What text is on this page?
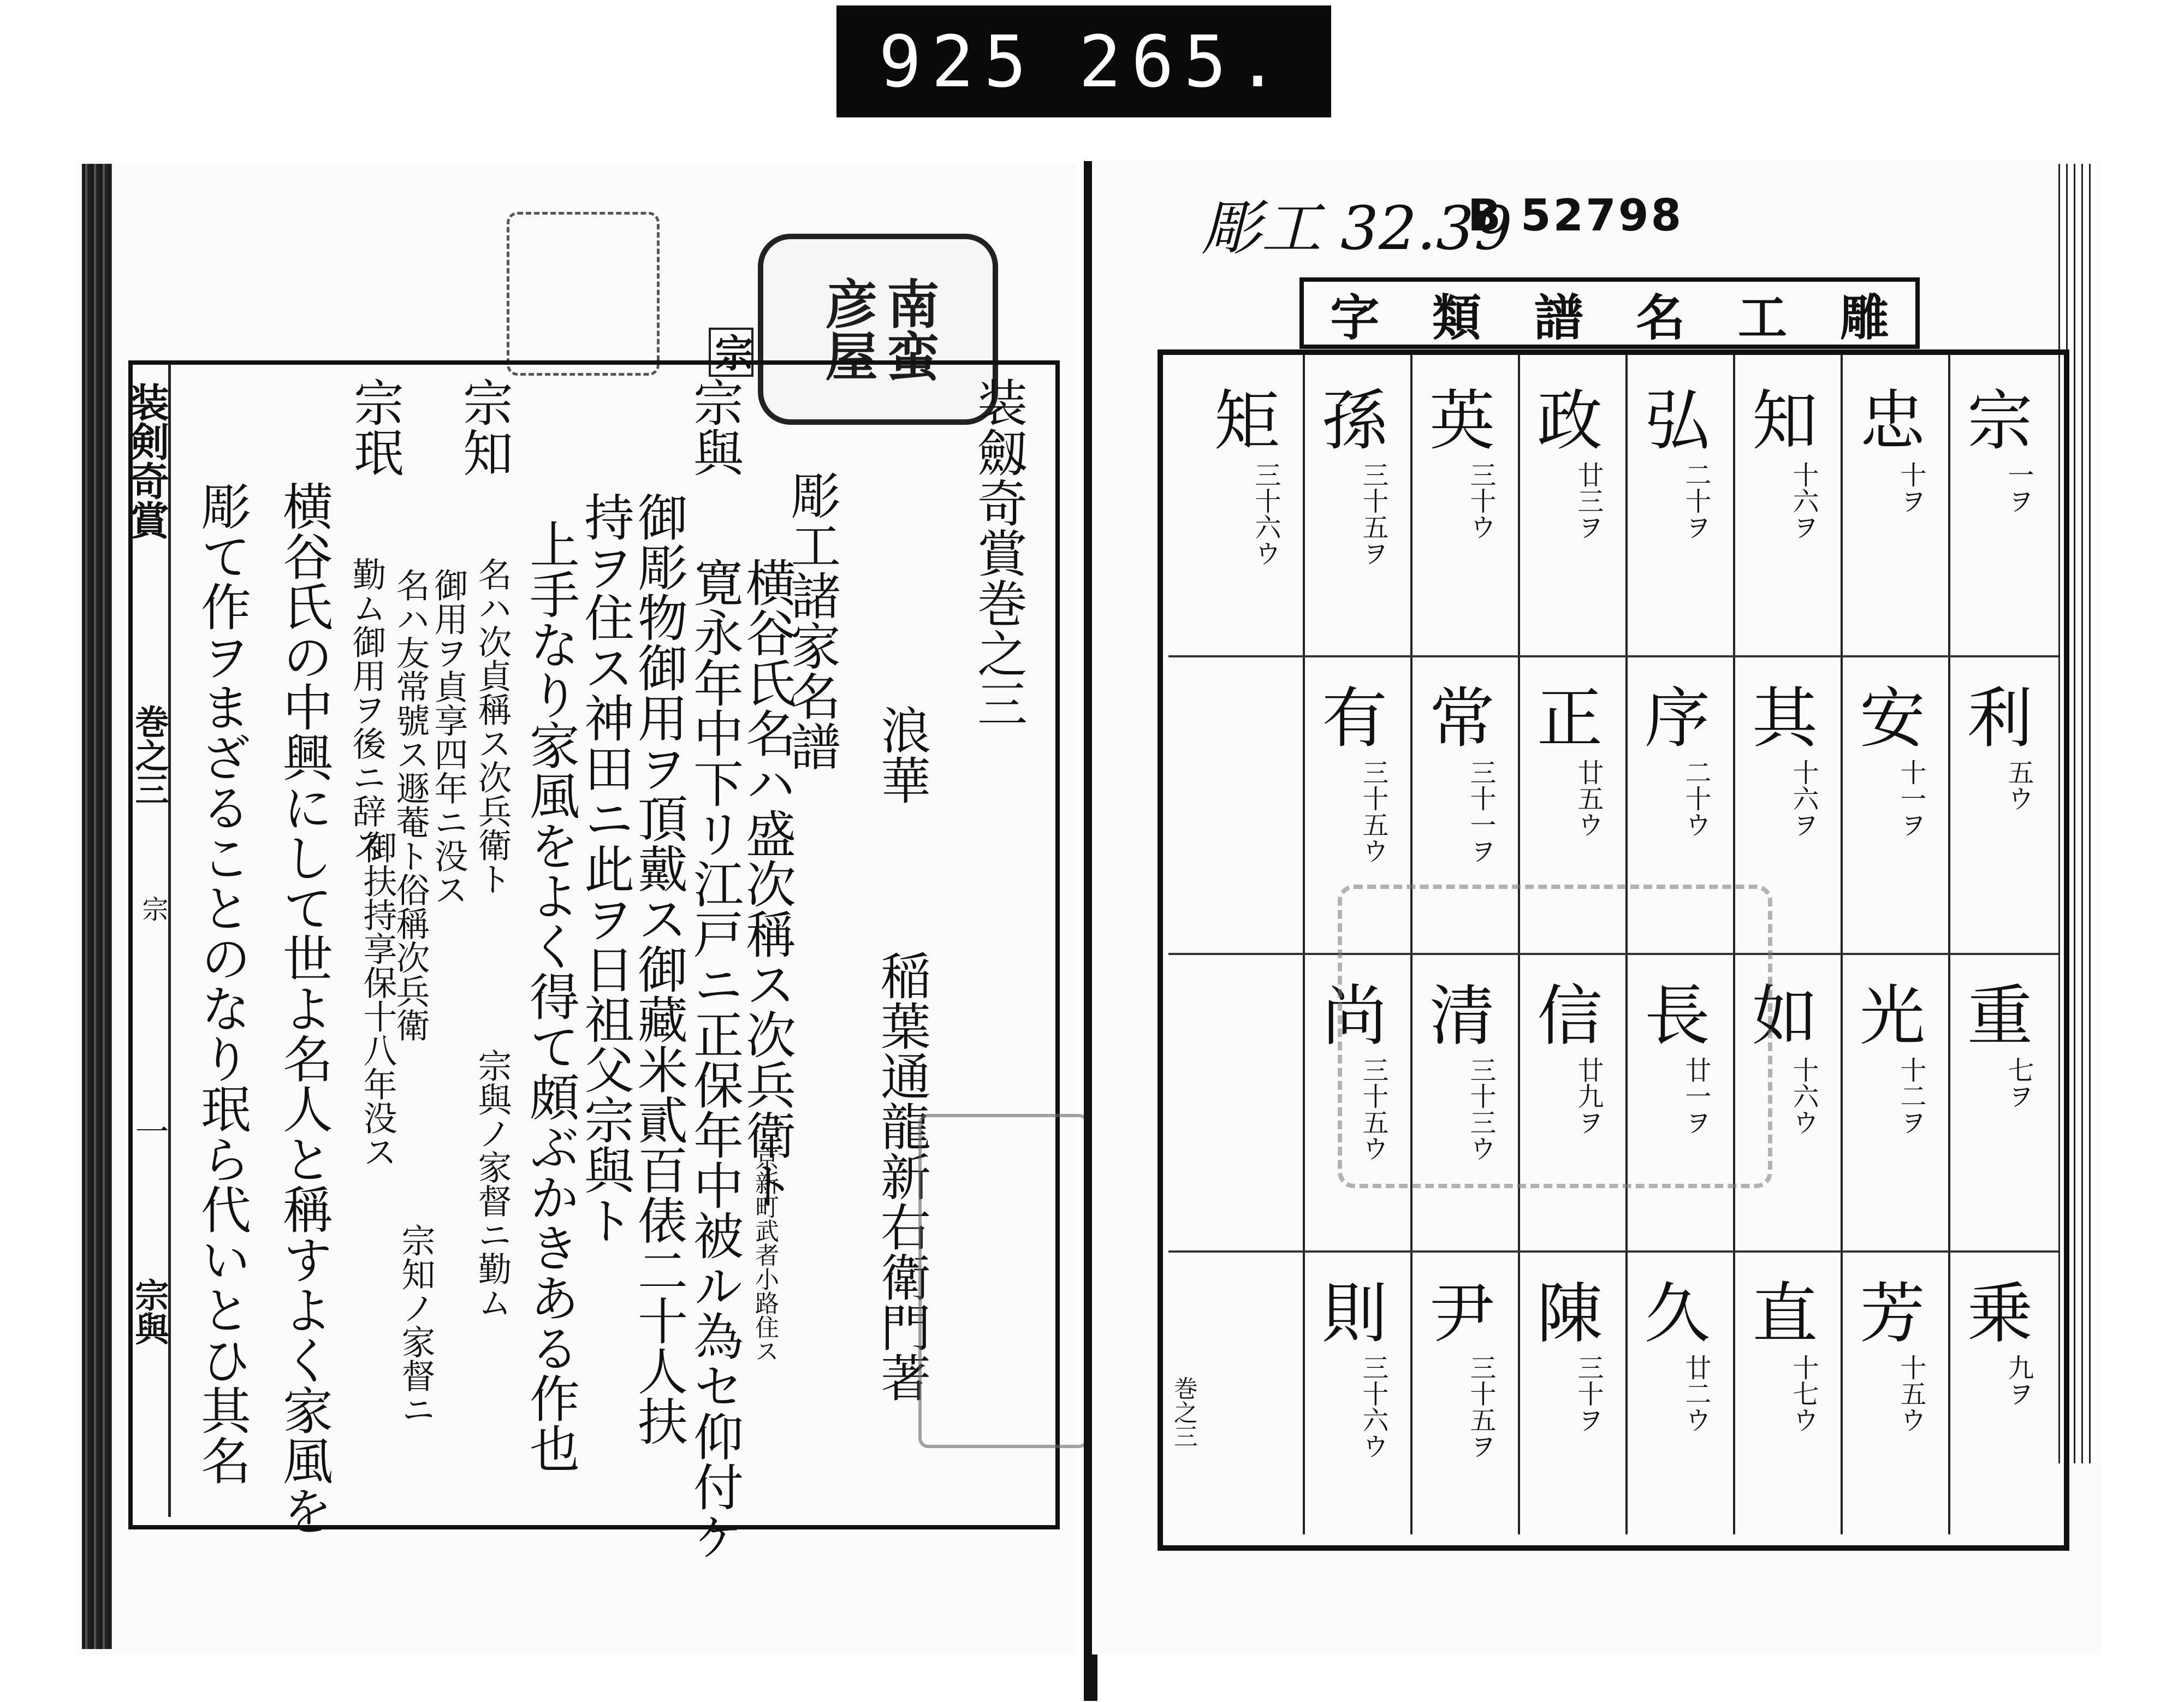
925 265.
南蛮
彦屋
宗
装剣奇賞
巻之三
宗
一
宗與
装劔奇賞巻之三
浪華
稲葉通龍新右衛門著
彫工諸家名譜
横谷氏名ハ盛次稱ス次兵衛ト
京新町武者小路住ス
寛永年中下リ江戸ニ正保年中被ル為セ仰付ケ
御彫物御用ヲ頂戴ス御藏米貳百俵二十人扶
持ヲ住ス神田ニ此ヲ日祖父宗與ト
宗與
上手なり家風をよく得て頗ぶかきある作也
名ハ次貞稱ス次兵衛ト
宗與ノ家督ニ勤ム
宗知
御用ヲ貞享四年ニ没ス
名ハ友常號ス遯菴ト俗稱次兵衛
宗知ノ家督ニ
宗珉
勤ム御用ヲ後ニ辞ス
御扶持享保十八年没ス
横谷氏の中興にして世よ名人と稱すよく家風を
彫て作ヲまざることのなり珉ら代いとひ其名
彫工 32.39
B 52798
雕
工
名
譜
類
字
宗
一ヲ
利
五ウ
重
七ヲ
乗
九ヲ
忠
十ヲ
安
十一ヲ
光
十二ヲ
芳
十五ウ
知
十六ヲ
其
十六ヲ
如
十六ウ
直
十七ウ
弘
二十ヲ
序
二十ウ
長
廿一ヲ
久
廿二ウ
政
廿三ヲ
正
廿五ウ
信
廿九ヲ
陳
三十ヲ
英
三十ウ
常
三十一ヲ
清
三十三ウ
尹
三十五ヲ
孫
三十五ヲ
有
三十五ウ
尚
三十五ウ
則
三十六ウ
矩
三十六ウ
巻之三
